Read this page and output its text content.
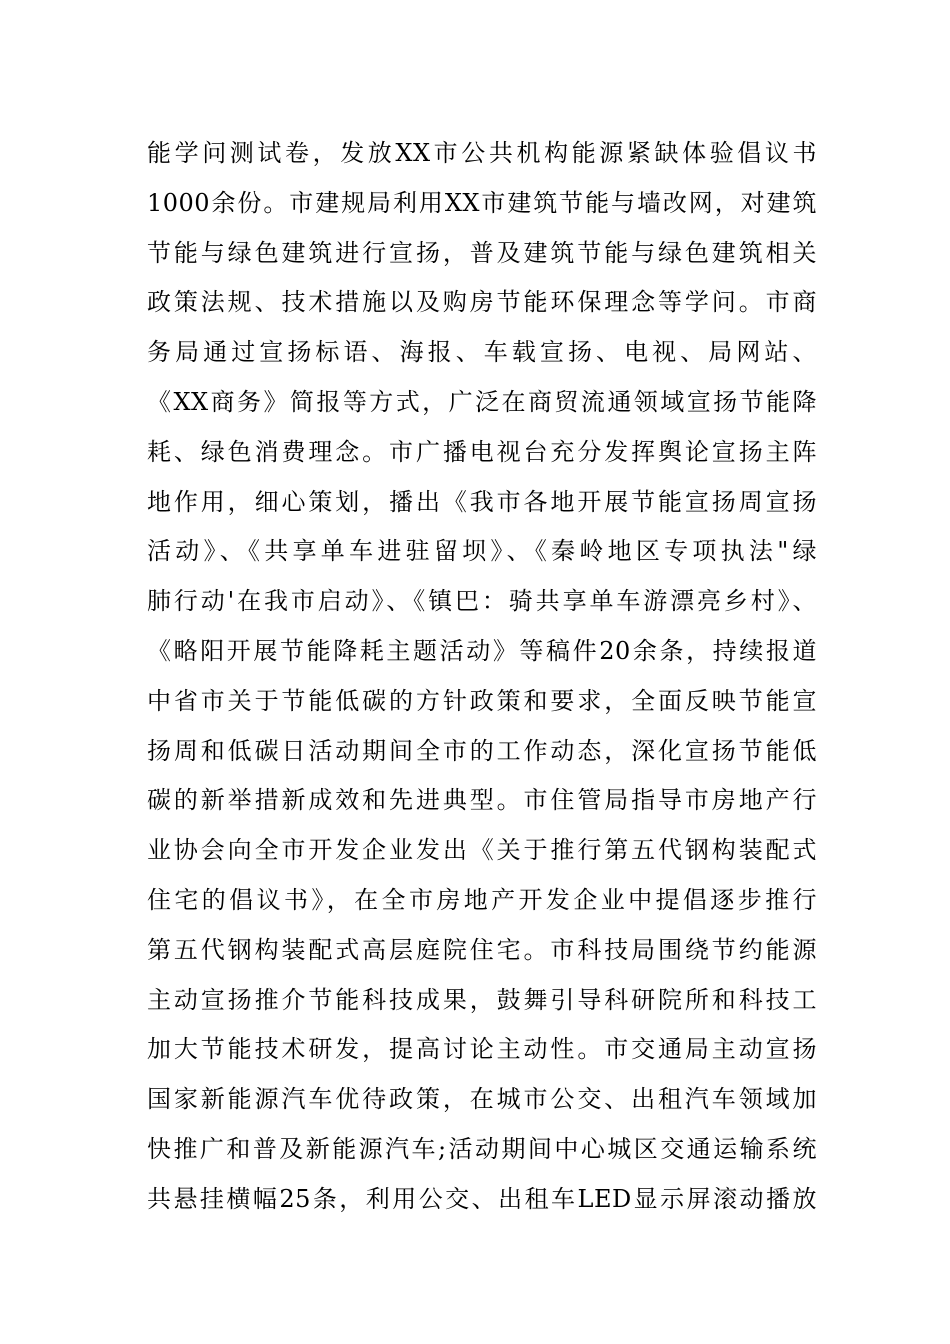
能学问测试卷，发放XX市公共机构能源紧缺体验倡议书
1000余份。市建规局利用XX市建筑节能与墙改网，对建筑
节能与绿色建筑进行宣扬，普及建筑节能与绿色建筑相关
政策法规、技术措施以及购房节能环保理念等学问。市商
务局通过宣扬标语、海报、车载宣扬、电视、局网站、
《XX商务》简报等方式，广泛在商贸流通领域宣扬节能降
耗、绿色消费理念。市广播电视台充分发挥舆论宣扬主阵
地作用，细心策划，播出《我市各地开展节能宣扬周宣扬
活动》、《共享单车进驻留坝》、《秦岭地区专项执法"绿
肺行动'在我市启动》、《镇巴：骑共享单车游漂亮乡村》、
《略阳开展节能降耗主题活动》等稿件20余条，持续报道
中省市关于节能低碳的方针政策和要求，全面反映节能宣
扬周和低碳日活动期间全市的工作动态，深化宣扬节能低
碳的新举措新成效和先进典型。市住管局指导市房地产行
业协会向全市开发企业发出《关于推行第五代钢构装配式
住宅的倡议书》，在全市房地产开发企业中提倡逐步推行
第五代钢构装配式高层庭院住宅。市科技局围绕节约能源
主动宣扬推介节能科技成果，鼓舞引导科研院所和科技工
加大节能技术研发，提高讨论主动性。市交通局主动宣扬
国家新能源汽车优待政策，在城市公交、出租汽车领域加
快推广和普及新能源汽车;活动期间中心城区交通运输系统
共悬挂横幅25条，利用公交、出租车LED显示屏滚动播放
